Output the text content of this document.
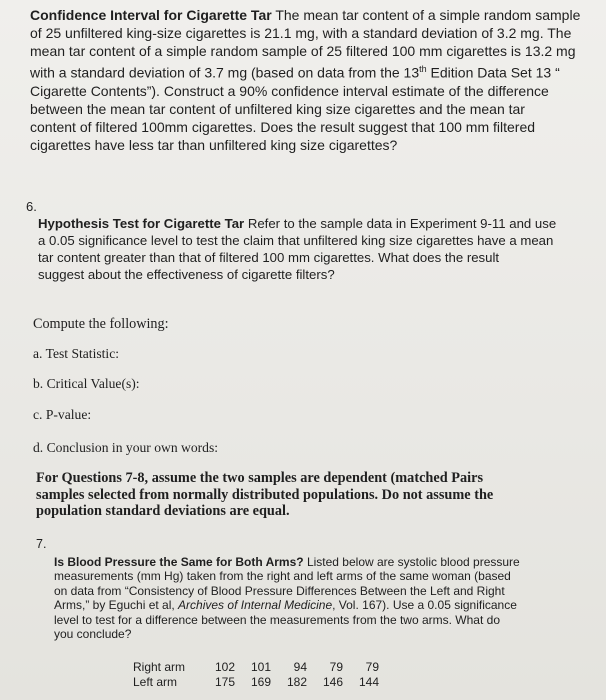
Confidence Interval for Cigarette Tar The mean tar content of a simple random sample
of 25 unfiltered king-size cigarettes is 21.1 mg, with a standard deviation of 3.2 mg. The
mean tar content of a simple random sample of 25 filtered 100 mm cigarettes is 13.2 mg
with a standard deviation of 3.7 mg (based on data from the 13th Edition Data Set 13 “
Cigarette Contents”). Construct a 90% confidence interval estimate of the difference
between the mean tar content of unfiltered king size cigarettes and the mean tar
content of filtered 100mm cigarettes. Does the result suggest that 100 mm filtered
cigarettes have less tar than unfiltered king size cigarettes?
6.
Hypothesis Test for Cigarette Tar Refer to the sample data in Experiment 9-11 and use
a 0.05 significance level to test the claim that unfiltered king size cigarettes have a mean
tar content greater than that of filtered 100 mm cigarettes. What does the result
suggest about the effectiveness of cigarette filters?
Compute the following:
a. Test Statistic:
b. Critical Value(s):
c. P-value:
d. Conclusion in your own words:
For Questions 7-8, assume the two samples are dependent (matched Pairs
samples selected from normally distributed populations. Do not assume the
population standard deviations are equal.
7.
Is Blood Pressure the Same for Both Arms? Listed below are systolic blood pressure
measurements (mm Hg) taken from the right and left arms of the same woman (based
on data from “Consistency of Blood Pressure Differences Between the Left and Right
Arms,” by Eguchi et al, Archives of Internal Medicine, Vol. 167). Use a 0.05 significance
level to test for a difference between the measurements from the two arms. What do
you conclude?
Right arm	102	101	94	79	79
Left arm	175	169	182	146	144
